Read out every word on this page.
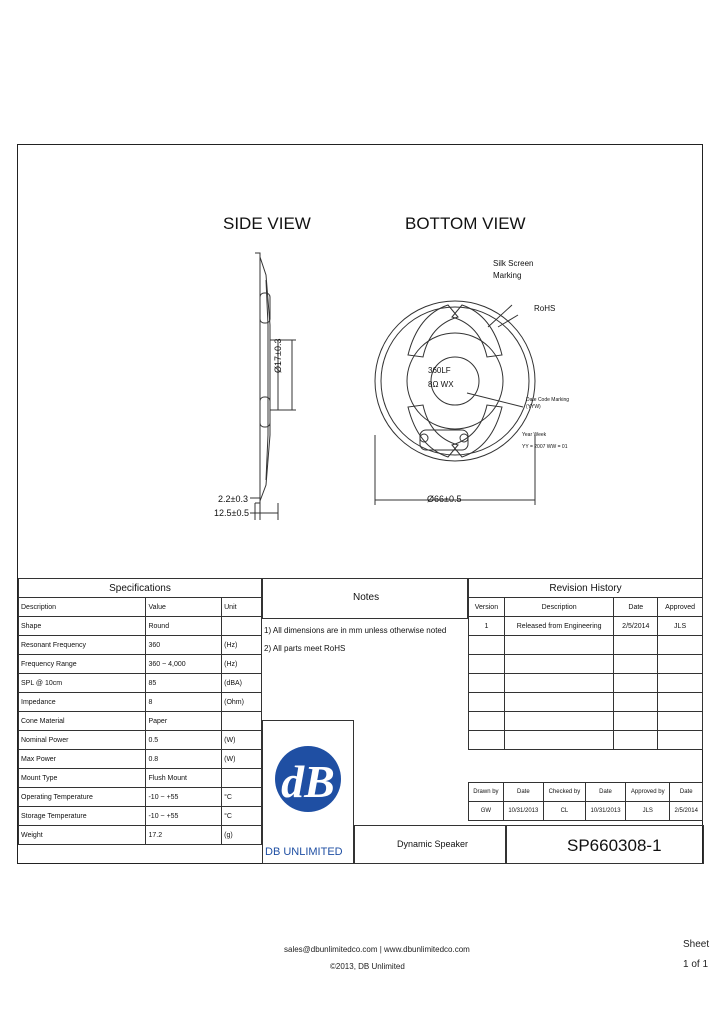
SIDE VIEW	BOTTOM VIEW
Ø17±0.3
2.2±0.3
12.5±0.5
Ø66±0.5
Silk Screen Marking
RoHS
360LF
8Ω WX
Date Code Marking (YYW)
Year Week
YY = 2007 WW = 01
Specifications		
Description	Value	Unit
Shape	Round	
Resonant Frequency	360	(Hz)
Frequency Range	360 ~ 4,000	(Hz)
SPL @ 10cm	85	(dBA)
Impedance	8	(Ohm)
Cone Material	Paper	
Nominal Power	0.5	(W)
Max Power	0.8	(W)
Mount Type	Flush Mount	
Operating Temperature	-10 ~ +55	°C
Storage Temperature	-10 ~ +55	°C
Weight	17.2	(g)
Notes
1) All dimensions are in mm unless otherwise noted
2) All parts meet RoHS
Revision History			
Version	Description	Date	Approved
1	Released from Engineering	2/5/2014	JLS

Drawn by	Date	Checked by	Date	Approved by	Date
GW	10/31/2013	CL	10/31/2013	JLS	2/5/2014
dB
DB UNLIMITED
Dynamic Speaker	SP660308-1
sales@dbunlimitedco.com | www.dbunlimitedco.com
©2013, DB Unlimited
Sheet
1 of 1
